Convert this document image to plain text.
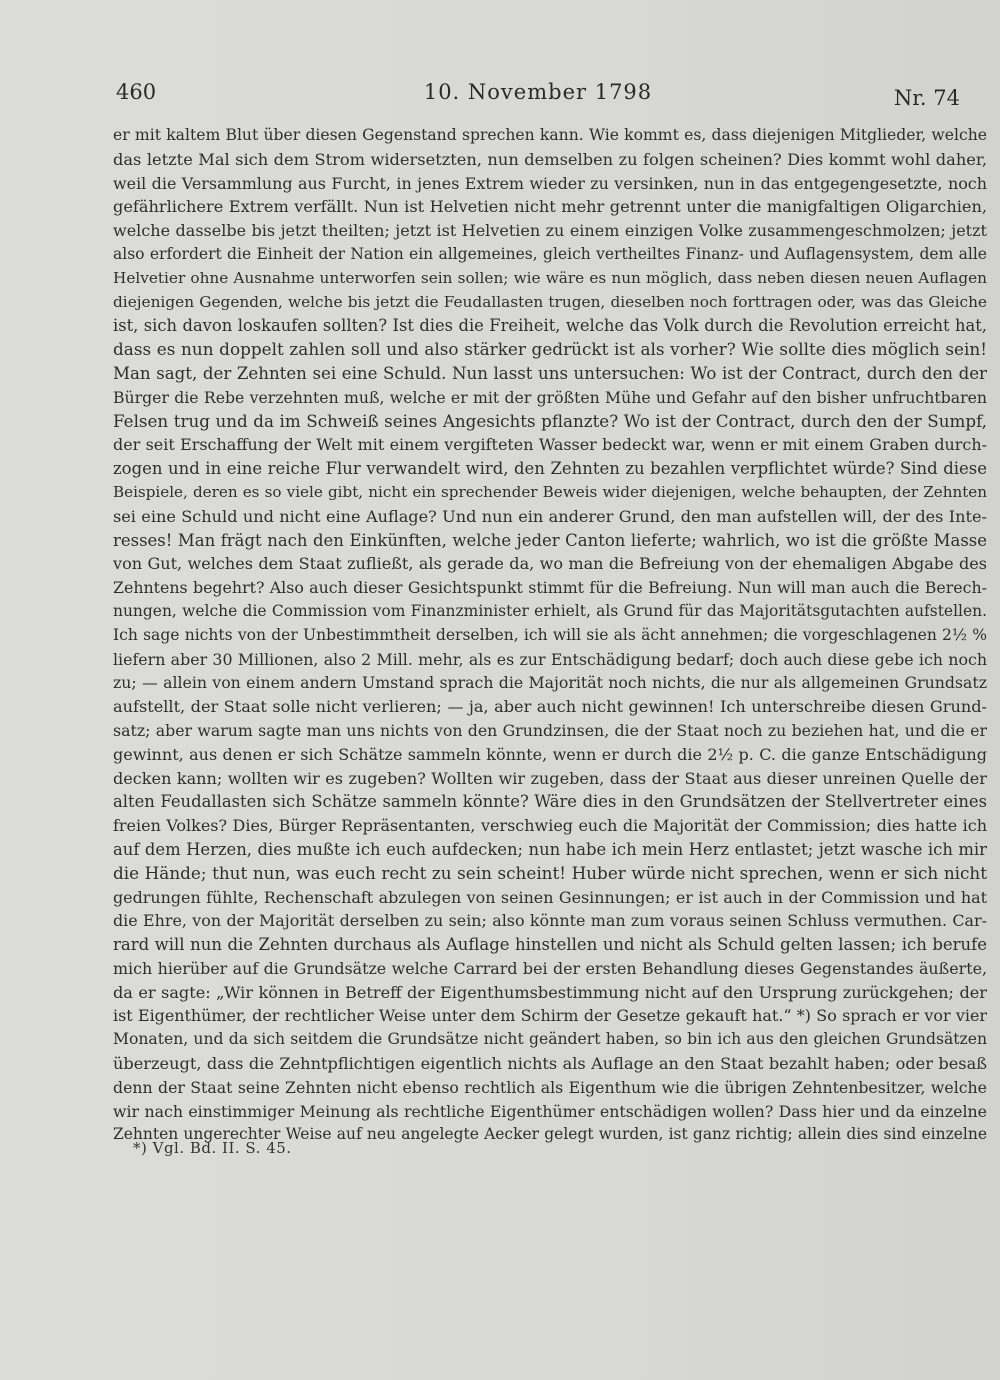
460	10. November 1798	Nr. 74
er mit kaltem Blut über diesen Gegenstand sprechen kann. Wie kommt es, dass diejenigen Mitglieder, welche
das letzte Mal sich dem Strom widersetzten, nun demselben zu folgen scheinen? Dies kommt wohl daher,
weil die Versammlung aus Furcht, in jenes Extrem wieder zu versinken, nun in das entgegengesetzte, noch
gefährlichere Extrem verfällt. Nun ist Helvetien nicht mehr getrennt unter die manigfaltigen Oligarchien,
welche dasselbe bis jetzt theilten; jetzt ist Helvetien zu einem einzigen Volke zusammengeschmolzen; jetzt
also erfordert die Einheit der Nation ein allgemeines, gleich vertheiltes Finanz- und Auflagensystem, dem alle
Helvetier ohne Ausnahme unterworfen sein sollen; wie wäre es nun möglich, dass neben diesen neuen Auflagen
diejenigen Gegenden, welche bis jetzt die Feudallasten trugen, dieselben noch forttragen oder, was das Gleiche
ist, sich davon loskaufen sollten? Ist dies die Freiheit, welche das Volk durch die Revolution erreicht hat,
dass es nun doppelt zahlen soll und also stärker gedrückt ist als vorher? Wie sollte dies möglich sein!
Man sagt, der Zehnten sei eine Schuld. Nun lasst uns untersuchen: Wo ist der Contract, durch den der
Bürger die Rebe verzehnten muß, welche er mit der größten Mühe und Gefahr auf den bisher unfruchtbaren
Felsen trug und da im Schweiß seines Angesichts pflanzte? Wo ist der Contract, durch den der Sumpf,
der seit Erschaffung der Welt mit einem vergifteten Wasser bedeckt war, wenn er mit einem Graben durch-
zogen und in eine reiche Flur verwandelt wird, den Zehnten zu bezahlen verpflichtet würde? Sind diese
Beispiele, deren es so viele gibt, nicht ein sprechender Beweis wider diejenigen, welche behaupten, der Zehnten
sei eine Schuld und nicht eine Auflage? Und nun ein anderer Grund, den man aufstellen will, der des Inte-
resses! Man frägt nach den Einkünften, welche jeder Canton lieferte; wahrlich, wo ist die größte Masse
von Gut, welches dem Staat zufließt, als gerade da, wo man die Befreiung von der ehemaligen Abgabe des
Zehntens begehrt? Also auch dieser Gesichtspunkt stimmt für die Befreiung. Nun will man auch die Berech-
nungen, welche die Commission vom Finanzminister erhielt, als Grund für das Majoritätsgutachten aufstellen.
Ich sage nichts von der Unbestimmtheit derselben, ich will sie als ächt annehmen; die vorgeschlagenen 2½ %
liefern aber 30 Millionen, also 2 Mill. mehr, als es zur Entschädigung bedarf; doch auch diese gebe ich noch
zu; — allein von einem andern Umstand sprach die Majorität noch nichts, die nur als allgemeinen Grundsatz
aufstellt, der Staat solle nicht verlieren; — ja, aber auch nicht gewinnen! Ich unterschreibe diesen Grund-
satz; aber warum sagte man uns nichts von den Grundzinsen, die der Staat noch zu beziehen hat, und die er
gewinnt, aus denen er sich Schätze sammeln könnte, wenn er durch die 2½ p. C. die ganze Entschädigung
decken kann; wollten wir es zugeben? Wollten wir zugeben, dass der Staat aus dieser unreinen Quelle der
alten Feudallasten sich Schätze sammeln könnte? Wäre dies in den Grundsätzen der Stellvertreter eines
freien Volkes? Dies, Bürger Repräsentanten, verschwieg euch die Majorität der Commission; dies hatte ich
auf dem Herzen, dies mußte ich euch aufdecken; nun habe ich mein Herz entlastet; jetzt wasche ich mir
die Hände; thut nun, was euch recht zu sein scheint! Huber würde nicht sprechen, wenn er sich nicht
gedrungen fühlte, Rechenschaft abzulegen von seinen Gesinnungen; er ist auch in der Commission und hat
die Ehre, von der Majorität derselben zu sein; also könnte man zum voraus seinen Schluss vermuthen. Car-
rard will nun die Zehnten durchaus als Auflage hinstellen und nicht als Schuld gelten lassen; ich berufe
mich hierüber auf die Grundsätze welche Carrard bei der ersten Behandlung dieses Gegenstandes äußerte,
da er sagte: „Wir können in Betreff der Eigenthumsbestimmung nicht auf den Ursprung zurückgehen; der
ist Eigenthümer, der rechtlicher Weise unter dem Schirm der Gesetze gekauft hat.“ *) So sprach er vor vier
Monaten, und da sich seitdem die Grundsätze nicht geändert haben, so bin ich aus den gleichen Grundsätzen
überzeugt, dass die Zehntpflichtigen eigentlich nichts als Auflage an den Staat bezahlt haben; oder besaß
denn der Staat seine Zehnten nicht ebenso rechtlich als Eigenthum wie die übrigen Zehntenbesitzer, welche
wir nach einstimmiger Meinung als rechtliche Eigenthümer entschädigen wollen? Dass hier und da einzelne
Zehnten ungerechter Weise auf neu angelegte Aecker gelegt wurden, ist ganz richtig; allein dies sind einzelne
*) Vgl. Bd. II. S. 45.
